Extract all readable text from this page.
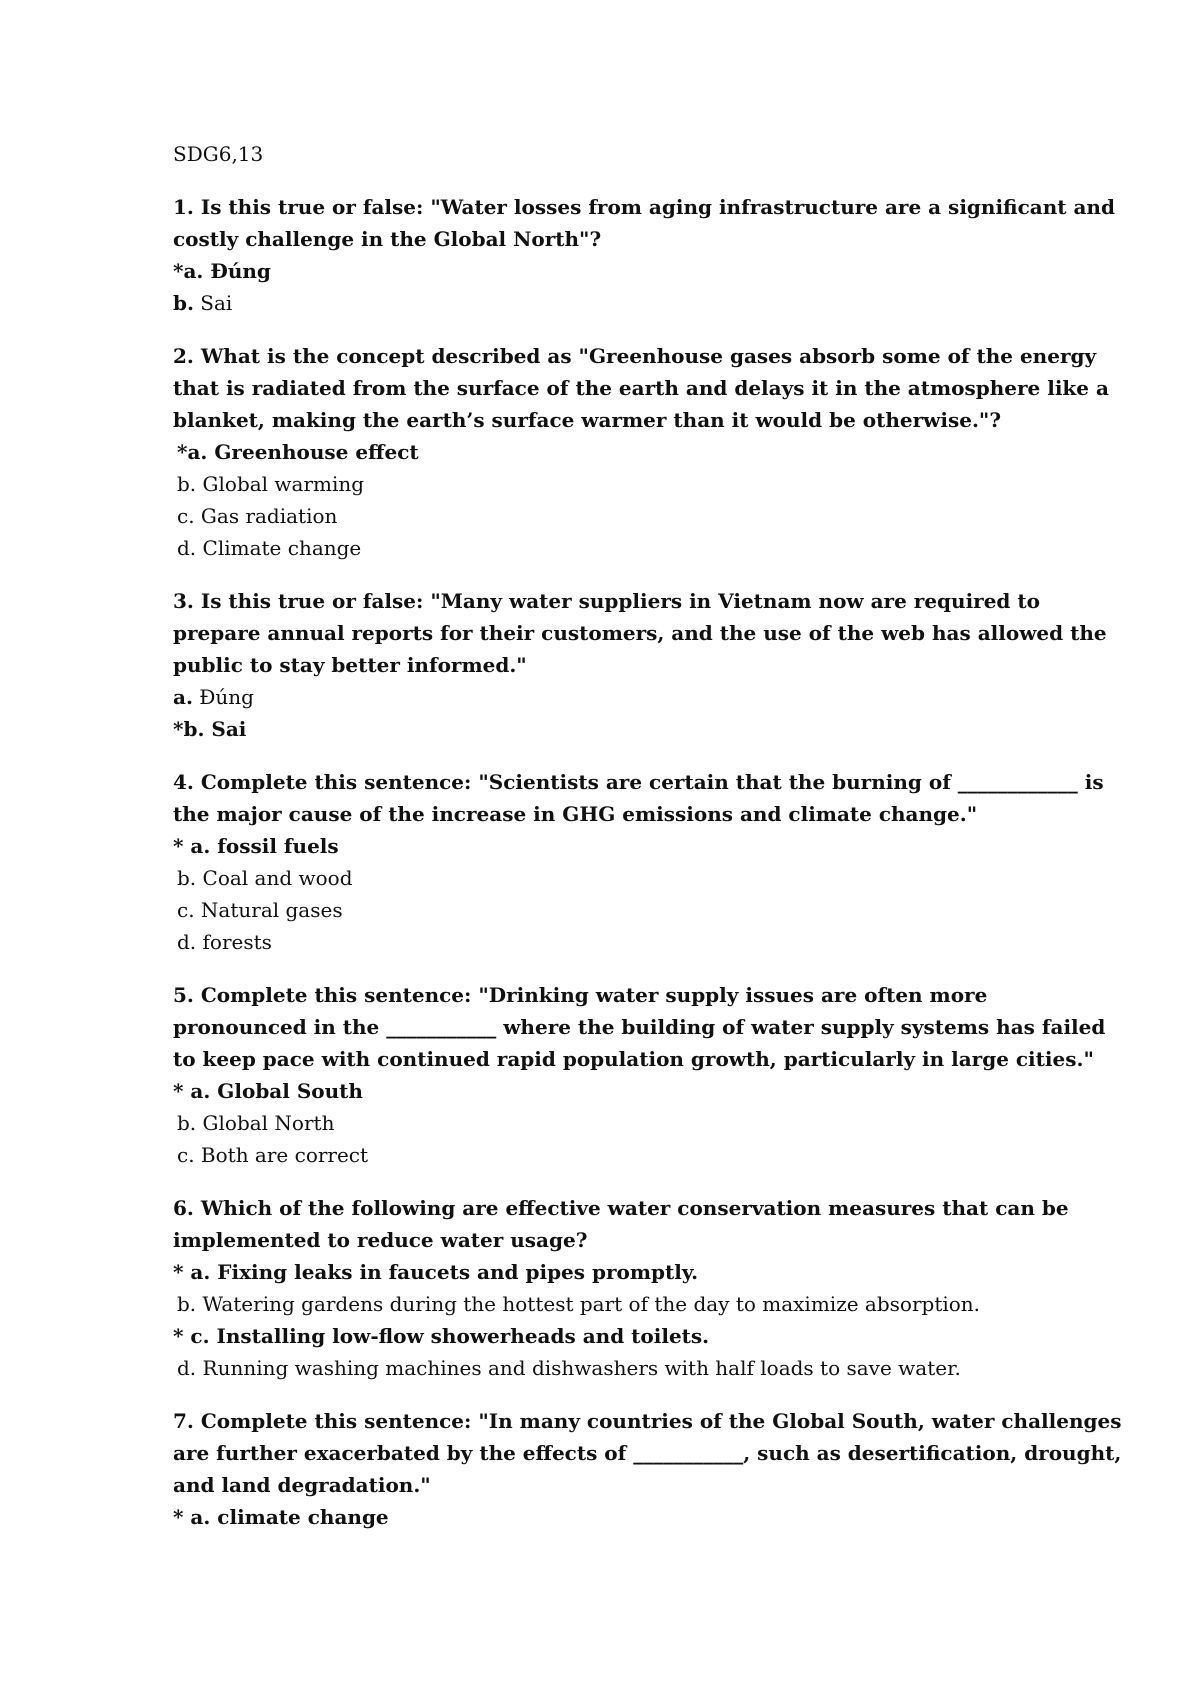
SDG6,13

1. Is this true or false: "Water losses from aging infrastructure are a significant and costly challenge in the Global North"?

*a. Đúng

b. Sai

2. What is the concept described as "Greenhouse gases absorb some of the energy that is radiated from the surface of the earth and delays it in the atmosphere like a blanket, making the earth’s surface warmer than it would be otherwise."?

*a. Greenhouse effect

b. Global warming

c. Gas radiation

d. Climate change

3. Is this true or false: "Many water suppliers in Vietnam now are required to prepare annual reports for their customers, and the use of the web has allowed the public to stay better informed."

a. Đúng

*b. Sai

4. Complete this sentence: "Scientists are certain that the burning of ____________ is the major cause of the increase in GHG emissions and climate change."

* a. fossil fuels

b. Coal and wood

c. Natural gases

d. forests

5. Complete this sentence: "Drinking water supply issues are often more pronounced in the ___________ where the building of water supply systems has failed to keep pace with continued rapid population growth, particularly in large cities."

* a. Global South

b. Global North

c. Both are correct

6. Which of the following are effective water conservation measures that can be implemented to reduce water usage?

* a. Fixing leaks in faucets and pipes promptly.

b. Watering gardens during the hottest part of the day to maximize absorption.

* c. Installing low-flow showerheads and toilets.

d. Running washing machines and dishwashers with half loads to save water.

7. Complete this sentence: "In many countries of the Global South, water challenges are further exacerbated by the effects of ___________, such as desertification, drought, and land degradation."

* a. climate change
